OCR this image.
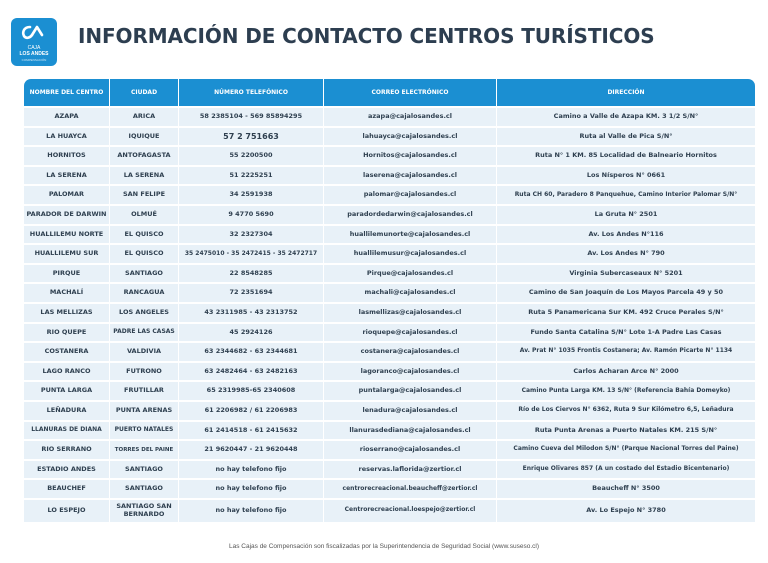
CAJA
LOS ANDES
COMPENSACIÓN
INFORMACIÓN DE CONTACTO CENTROS TURÍSTICOS
NOMBRE DEL CENTRO	CIUDAD	NÚMERO TELEFÓNICO	CORREO ELECTRÓNICO	DIRECCIÓN
AZAPA	ARICA	58 2385104 - 569 85894295	azapa@cajalosandes.cl	Camino a Valle de Azapa KM. 3 1/2 S/N°
LA HUAYCA	IQUIQUE	57 2 751663	lahuayca@cajalosandes.cl	Ruta al Valle de Pica S/N°
HORNITOS	ANTOFAGASTA	55 2200500	Hornitos@cajalosandes.cl	Ruta N° 1 KM. 85 Localidad de Balneario Hornitos
LA SERENA	LA SERENA	51 2225251	laserena@cajalosandes.cl	Los Nísperos N° 0661
PALOMAR	SAN FELIPE	34 2591938	palomar@cajalosandes.cl	Ruta CH 60, Paradero 8 Panquehue, Camino Interior Palomar S/N°
PARADOR DE DARWIN	OLMUÉ	9 4770 5690	paradordedarwin@cajalosandes.cl	La Gruta N° 2501
HUALLILEMU NORTE	EL QUISCO	32 2327304	huallilemunorte@cajalosandes.cl	Av. Los Andes N°116
HUALLILEMU SUR	EL QUISCO	35 2475010 - 35 2472415 - 35 2472717	huallilemusur@cajalosandes.cl	Av. Los Andes N° 790
PIRQUE	SANTIAGO	22 8548285	Pirque@cajalosandes.cl	Virginia Subercaseaux N° 5201
MACHALÍ	RANCAGUA	72 2351694	machali@cajalosandes.cl	Camino de San Joaquín de Los Mayos Parcela 49 y 50
LAS MELLIZAS	LOS ANGELES	43 2311985 - 43 2313752	lasmellizas@cajalosandes.cl	Ruta 5 Panamericana Sur KM. 492 Cruce Perales S/N°
RIO QUEPE	PADRE LAS CASAS	45 2924126	rioquepe@cajalosandes.cl	Fundo Santa Catalina S/N° Lote 1-A Padre Las Casas
COSTANERA	VALDIVIA	63 2344682 - 63 2344681	costanera@cajalosandes.cl	Av. Prat N° 1035 Frontis Costanera; Av. Ramón Picarte N° 1134
LAGO RANCO	FUTRONO	63 2482464 - 63 2482163	lagoranco@cajalosandes.cl	Carlos Acharan Arce N° 2000
PUNTA LARGA	FRUTILLAR	65 2319985-65 2340608	puntalarga@cajalosandes.cl	Camino Punta Larga KM. 13 S/N° (Referencia Bahía Domeyko)
LEÑADURA	PUNTA ARENAS	61 2206982 / 61 2206983	lenadura@cajalosandes.cl	Río de Los Ciervos N° 6362, Ruta 9 Sur Kilómetro 6,5, Leñadura
LLANURAS DE DIANA	PUERTO NATALES	61 2414518 - 61 2415632	llanurasdediana@cajalosandes.cl	Ruta Punta Arenas a Puerto Natales KM. 215 S/N°
RIO SERRANO	TORRES DEL PAINE	21 9620447 - 21 9620448	rioserrano@cajalosandes.cl	Camino Cueva del Milodon S/N° (Parque Nacional Torres del Paine)
ESTADIO ANDES	SANTIAGO	no hay telefono fijo	reservas.laflorida@zertior.cl	Enrique Olivares 857 (A un costado del Estadio Bicentenario)
BEAUCHEF	SANTIAGO	no hay telefono fijo	centrorecreacional.beaucheff@zertior.cl	Beaucheff N° 3500
LO ESPEJO	SANTIAGO SAN BERNARDO	no hay telefono fijo	Centrorecreacional.loespejo@zertior.cl	Av. Lo Espejo N° 3780
Las Cajas de Compensación son fiscalizadas por la Superintendencia de Seguridad Social (www.suseso.cl)
